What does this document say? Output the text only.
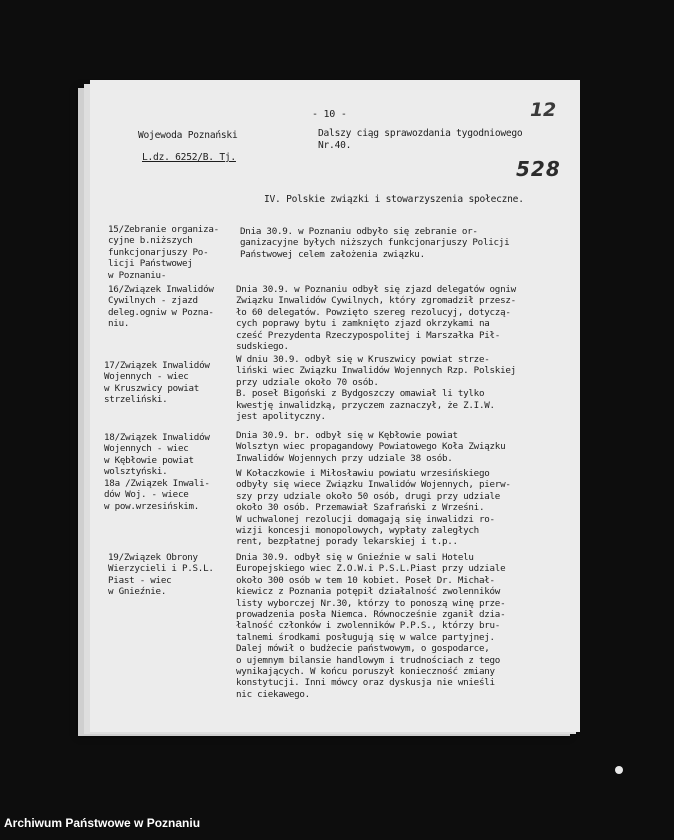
- 10 -	12
528
Wojewoda Poznański
L.dz. 6252/B. Tj.
Dalszy ciąg sprawozdania tygodniowego
Nr.40.
IV. Polskie związki i stowarzyszenia społeczne.
15/Zebranie organiza-
cyjne b.niższych
funkcjonarjuszy Po-
licji Państwowej
w Poznaniu-
Dnia 30.9. w Poznaniu odbyło się zebranie or-
ganizacyjne byłych niższych funkcjonarjuszy Policji
Państwowej celem założenia związku.
16/Związek Inwalidów
Cywilnych - zjazd
deleg.ogniw w Pozna-
niu.
Dnia 30.9. w Poznaniu odbył się zjazd delegatów ogniw
Związku Inwalidów Cywilnych, który zgromadził przesz-
ło 60 delegatów. Powzięto szereg rezolucyj, dotyczą-
cych poprawy bytu i zamknięto zjazd okrzykami na
cześć Prezydenta Rzeczypospolitej i Marszałka Pił-
sudskiego.
17/Związek Inwalidów
Wojennych - wiec
w Kruszwicy powiat
strzeliński.
W dniu 30.9. odbył się w Kruszwicy powiat strze-
liński wiec Związku Inwalidów Wojennych Rzp. Polskiej
przy udziale około 70 osób.
B. poseł Bigoński z Bydgoszczy omawiał li tylko
kwestję inwalidzką, przyczem zaznaczył, że Z.I.W.
jest apolityczny.
18/Związek Inwalidów
Wojennych - wiec
w Kębłowie powiat
wolsztyński.
Dnia 30.9. br. odbył się w Kębłowie powiat
Wolsztyn wiec propagandowy Powiatowego Koła Związku
Inwalidów Wojennych przy udziale 38 osób.
18a /Związek Inwali-
dów Woj. - wiece
w pow.wrzesińskim.
W Kołaczkowie i Miłosławiu powiatu wrzesińskiego
odbyły się wiece Związku Inwalidów Wojennych, pierw-
szy przy udziale około 50 osób, drugi przy udziale
około 30 osób. Przemawiał Szafrański z Wrześni.
W uchwalonej rezolucji domagają się inwalidzi ro-
wizji koncesji monopolowych, wypłaty zaległych
rent, bezpłatnej porady lekarskiej i t.p..
19/Związek Obrony
Wierzycieli i P.S.L.
Piast - wiec
w Gnieźnie.
Dnia 30.9. odbył się w Gnieźnie w sali Hotelu
Europejskiego wiec Z.O.W.i P.S.L.Piast przy udziale
około 300 osób w tem 10 kobiet. Poseł Dr. Michał-
kiewicz z Poznania potępił działalność zwolenników
listy wyborczej Nr.30, którzy to ponoszą winę prze-
prowadzenia posła Niemca. Równocześnie zganił dzia-
łalność członków i zwolenników P.P.S., którzy bru-
talnemi środkami posługują się w walce partyjnej.
Dalej mówił o budżecie państwowym, o gospodarce,
o ujemnym bilansie handlowym i trudnościach z tego
wynikających. W końcu poruszył konieczność zmiany
konstytucji. Inni mówcy oraz dyskusja nie wnieśli
nic ciekawego.
Archiwum Państwowe w Poznaniu
